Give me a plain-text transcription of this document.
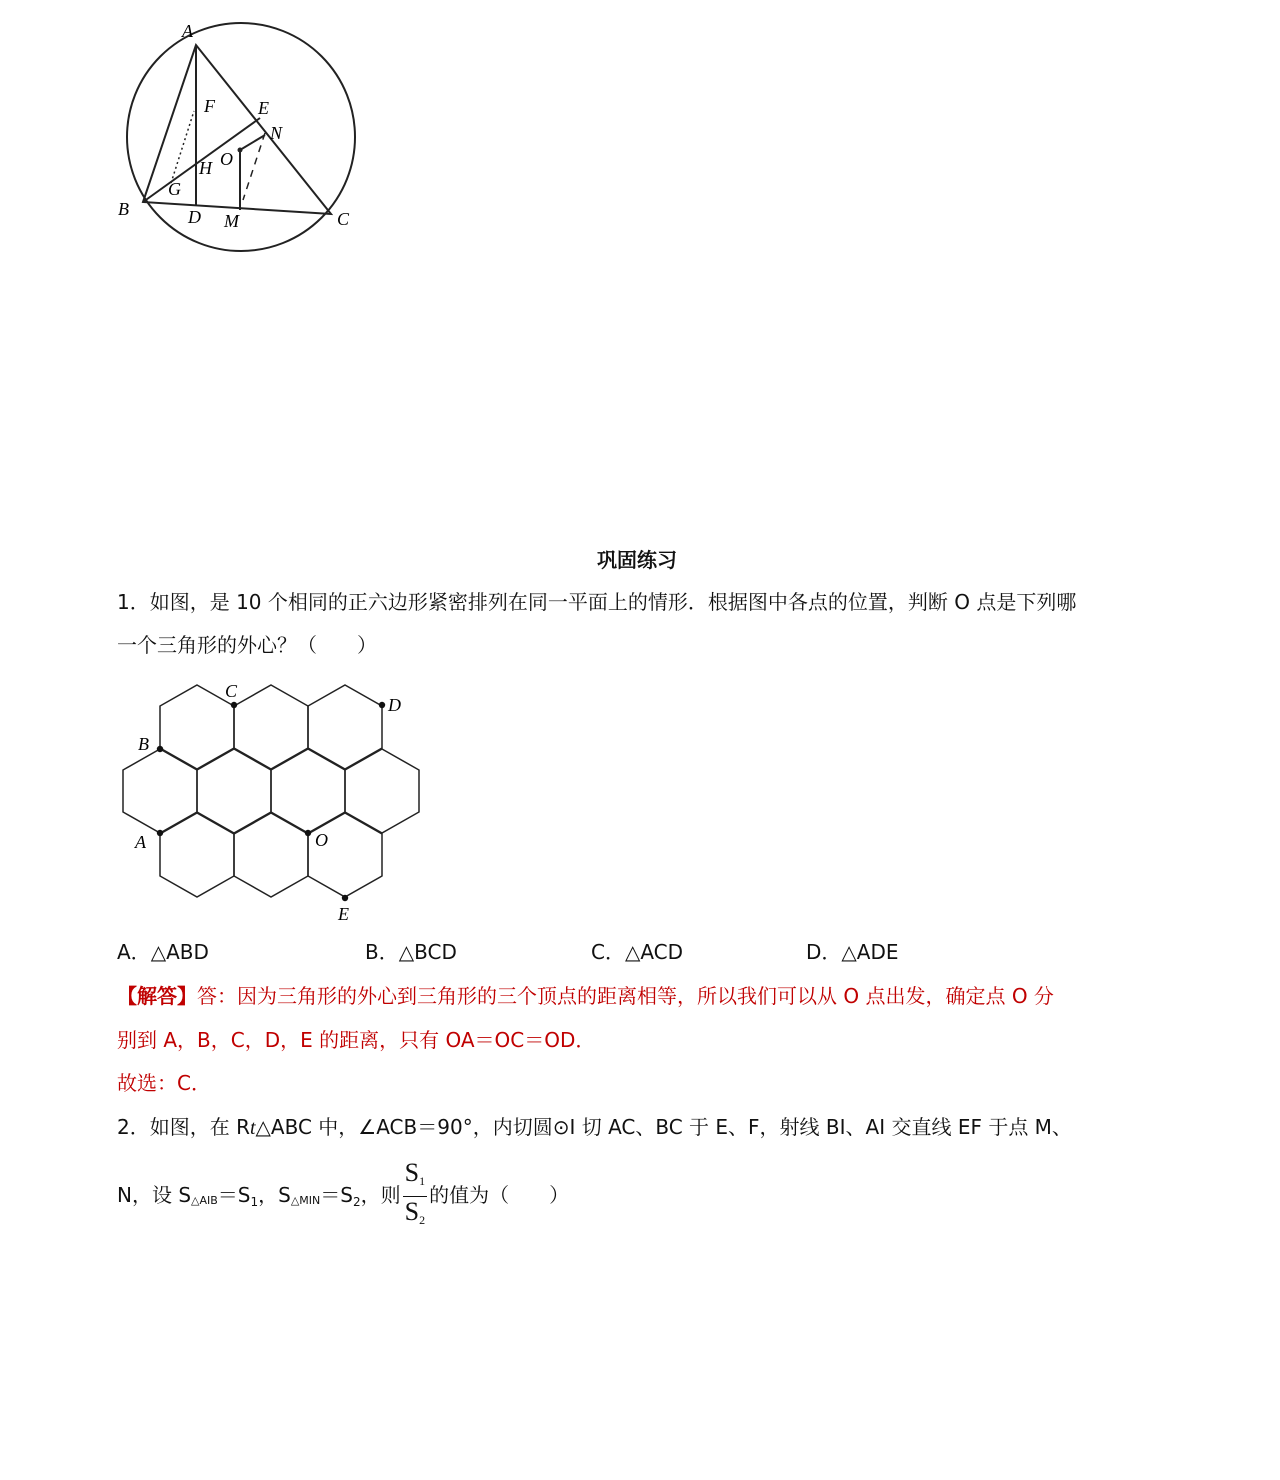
A
F E
N
O
H
G
B	D M	C
巩固练习
1．如图，是 10 个相同的正六边形紧密排列在同一平面上的情形．根据图中各点的位置，判断 O 点是下列哪
一个三角形的外心？（　　）
C
D
B
A	O
E
A．△ABD	B．△BCD	C．△ACD	D．△ADE
【解答】答：因为三角形的外心到三角形的三个顶点的距离相等，所以我们可以从 O 点出发，确定点 O 分
别到 A，B，C，D，E 的距离，只有 OA＝OC＝OD．
故选：C．
2．如图，在 Rt△ABC 中，∠ACB＝90°，内切圆⊙I 切 AC、BC 于 E、F，射线 BI、AI 交直线 EF 于点 M、
N，设 $S\triangle AIB=S_1$，$S\triangle MIN=S_2$，则 $\frac{S_1}{S_2}$ 的值为（　　）
